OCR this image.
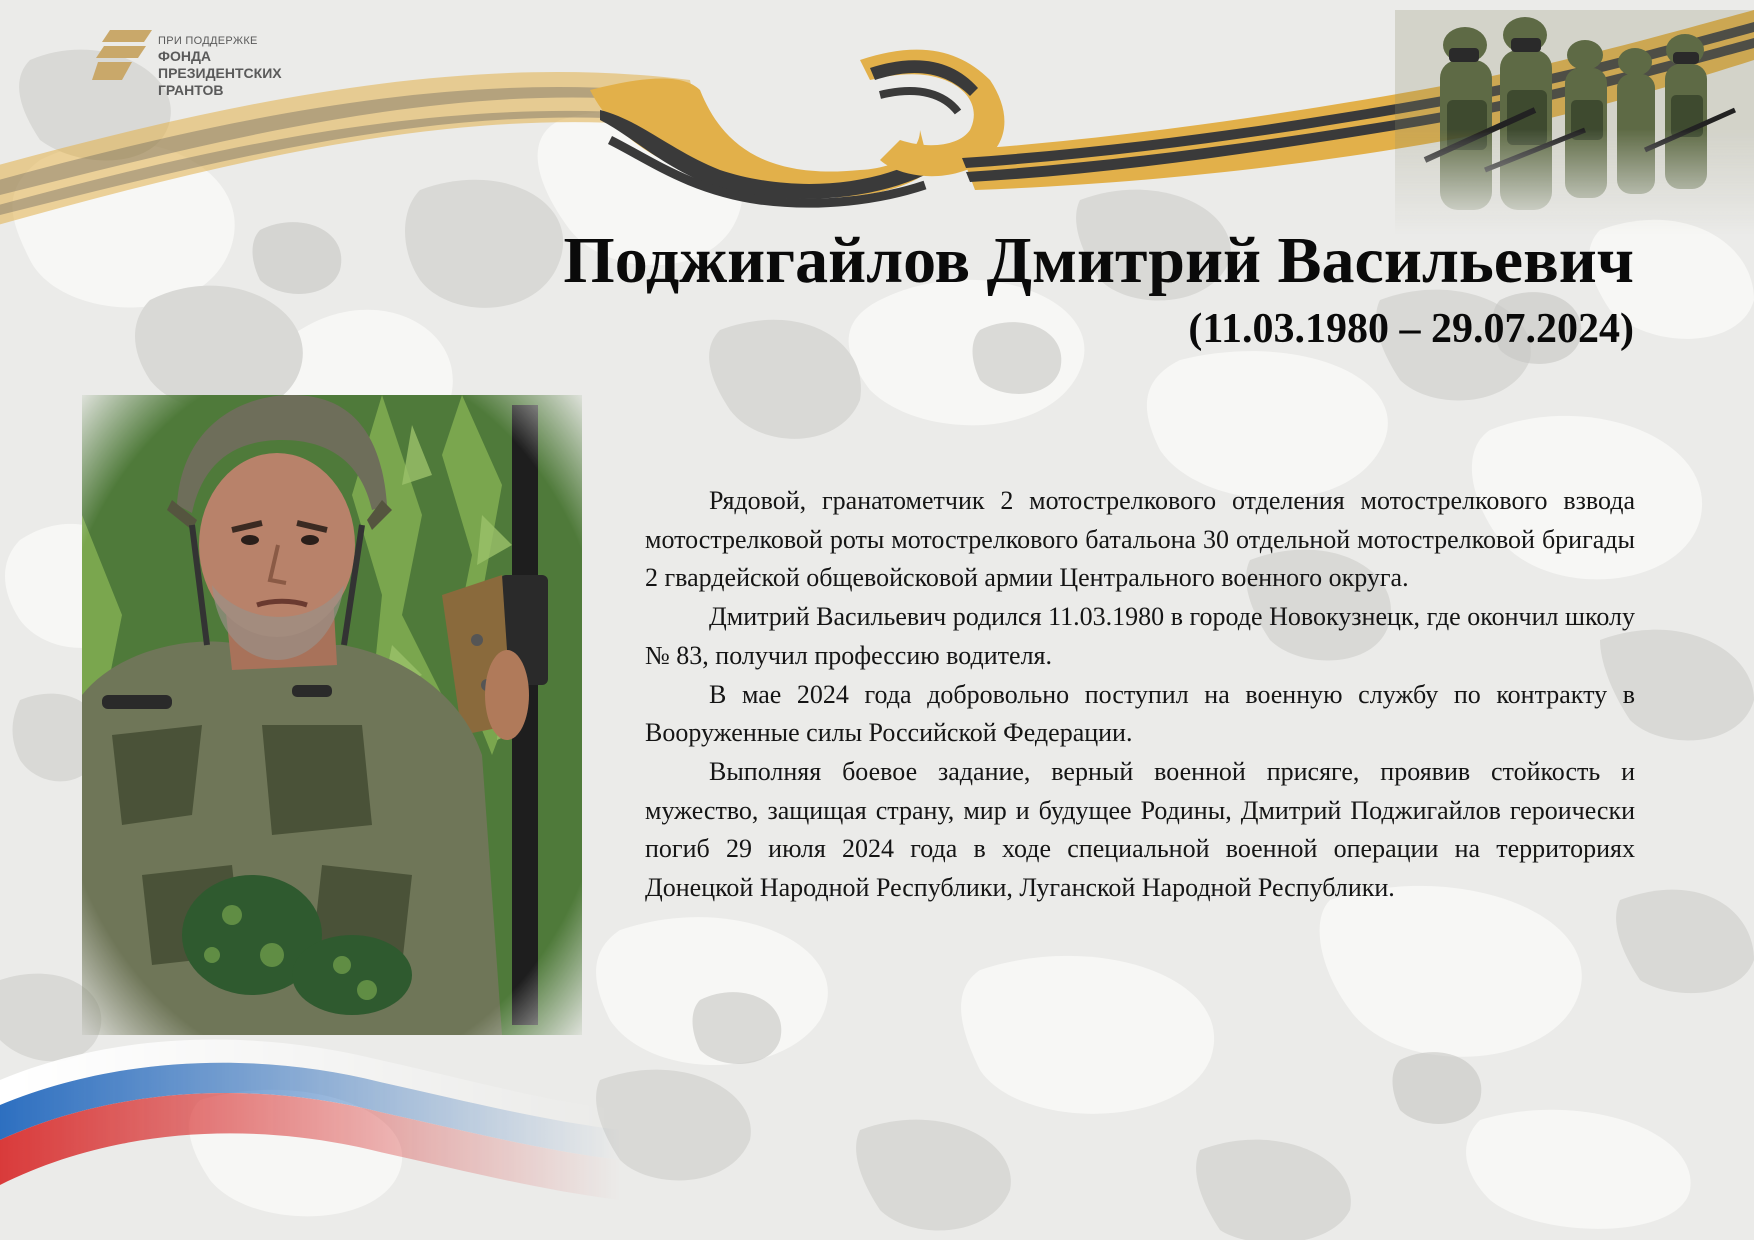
ПРИ ПОДДЕРЖКЕ
ФОНДА
ПРЕЗИДЕНТСКИХ
ГРАНТОВ
Поджигайлов Дмитрий Васильевич
(11.03.1980 – 29.07.2024)

Рядовой, гранатометчик 2 мотострелкового отделения мотострелкового взвода мотострелковой роты мотострелкового батальона 30 отдельной мотострелковой бригады 2 гвардейской общевойсковой армии Центрального военного округа.

Дмитрий Васильевич родился 11.03.1980 в городе Новокузнецк, где окончил школу № 83, получил профессию водителя.

В мае 2024 года добровольно поступил на военную службу по контракту в Вооруженные силы Российской Федерации.

Выполняя боевое задание, верный военной присяге, проявив стойкость и мужество, защищая страну, мир и будущее Родины, Дмитрий Поджигайлов героически погиб 29 июля 2024 года в ходе специальной военной операции на территориях Донецкой Народной Республики, Луганской Народной Республики.
